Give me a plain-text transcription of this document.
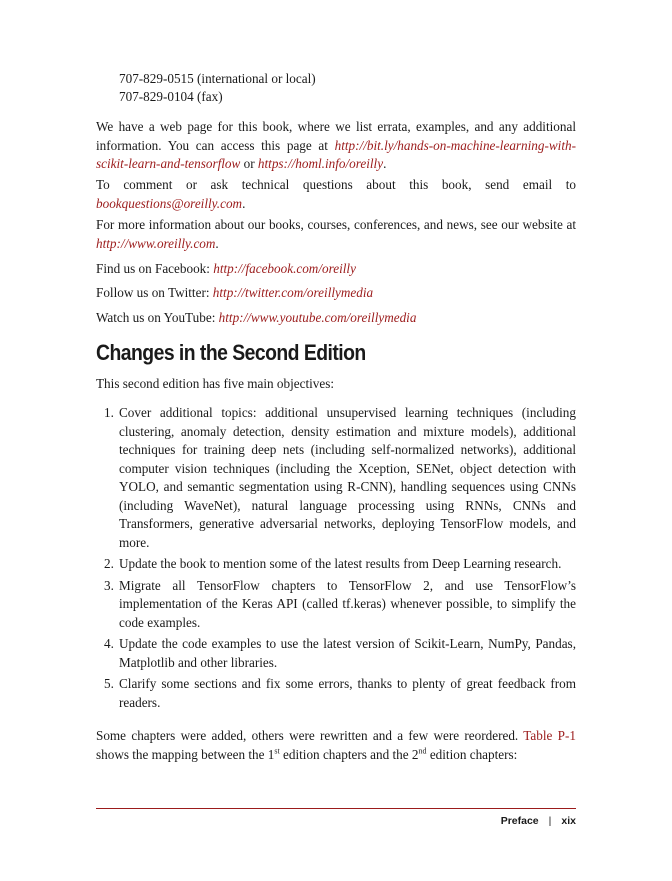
707-829-0515 (international or local)
707-829-0104 (fax)

We have a web page for this book, where we list errata, examples, and any additional information. You can access this page at http://bit.ly/hands-on-machine-learning-with-scikit-learn-and-tensorflow or https://homl.info/oreilly.

To comment or ask technical questions about this book, send email to bookquestions@oreilly.com.

For more information about our books, courses, conferences, and news, see our website at http://www.oreilly.com.

Find us on Facebook: http://facebook.com/oreilly

Follow us on Twitter: http://twitter.com/oreillymedia

Watch us on YouTube: http://www.youtube.com/oreillymedia

Changes in the Second Edition

This second edition has five main objectives:

1. Cover additional topics: additional unsupervised learning techniques (including clustering, anomaly detection, density estimation and mixture models), additional techniques for training deep nets (including self-normalized networks), additional computer vision techniques (including the Xception, SENet, object detection with YOLO, and semantic segmentation using R-CNN), handling sequences using CNNs (including WaveNet), natural language processing using RNNs, CNNs and Transformers, generative adversarial networks, deploying TensorFlow models, and more.
2. Update the book to mention some of the latest results from Deep Learning research.
3. Migrate all TensorFlow chapters to TensorFlow 2, and use TensorFlow’s implementation of the Keras API (called tf.keras) whenever possible, to simplify the code examples.
4. Update the code examples to use the latest version of Scikit-Learn, NumPy, Pandas, Matplotlib and other libraries.
5. Clarify some sections and fix some errors, thanks to plenty of great feedback from readers.

Some chapters were added, others were rewritten and a few were reordered. Table P-1 shows the mapping between the 1st edition chapters and the 2nd edition chapters:

Preface | xix
